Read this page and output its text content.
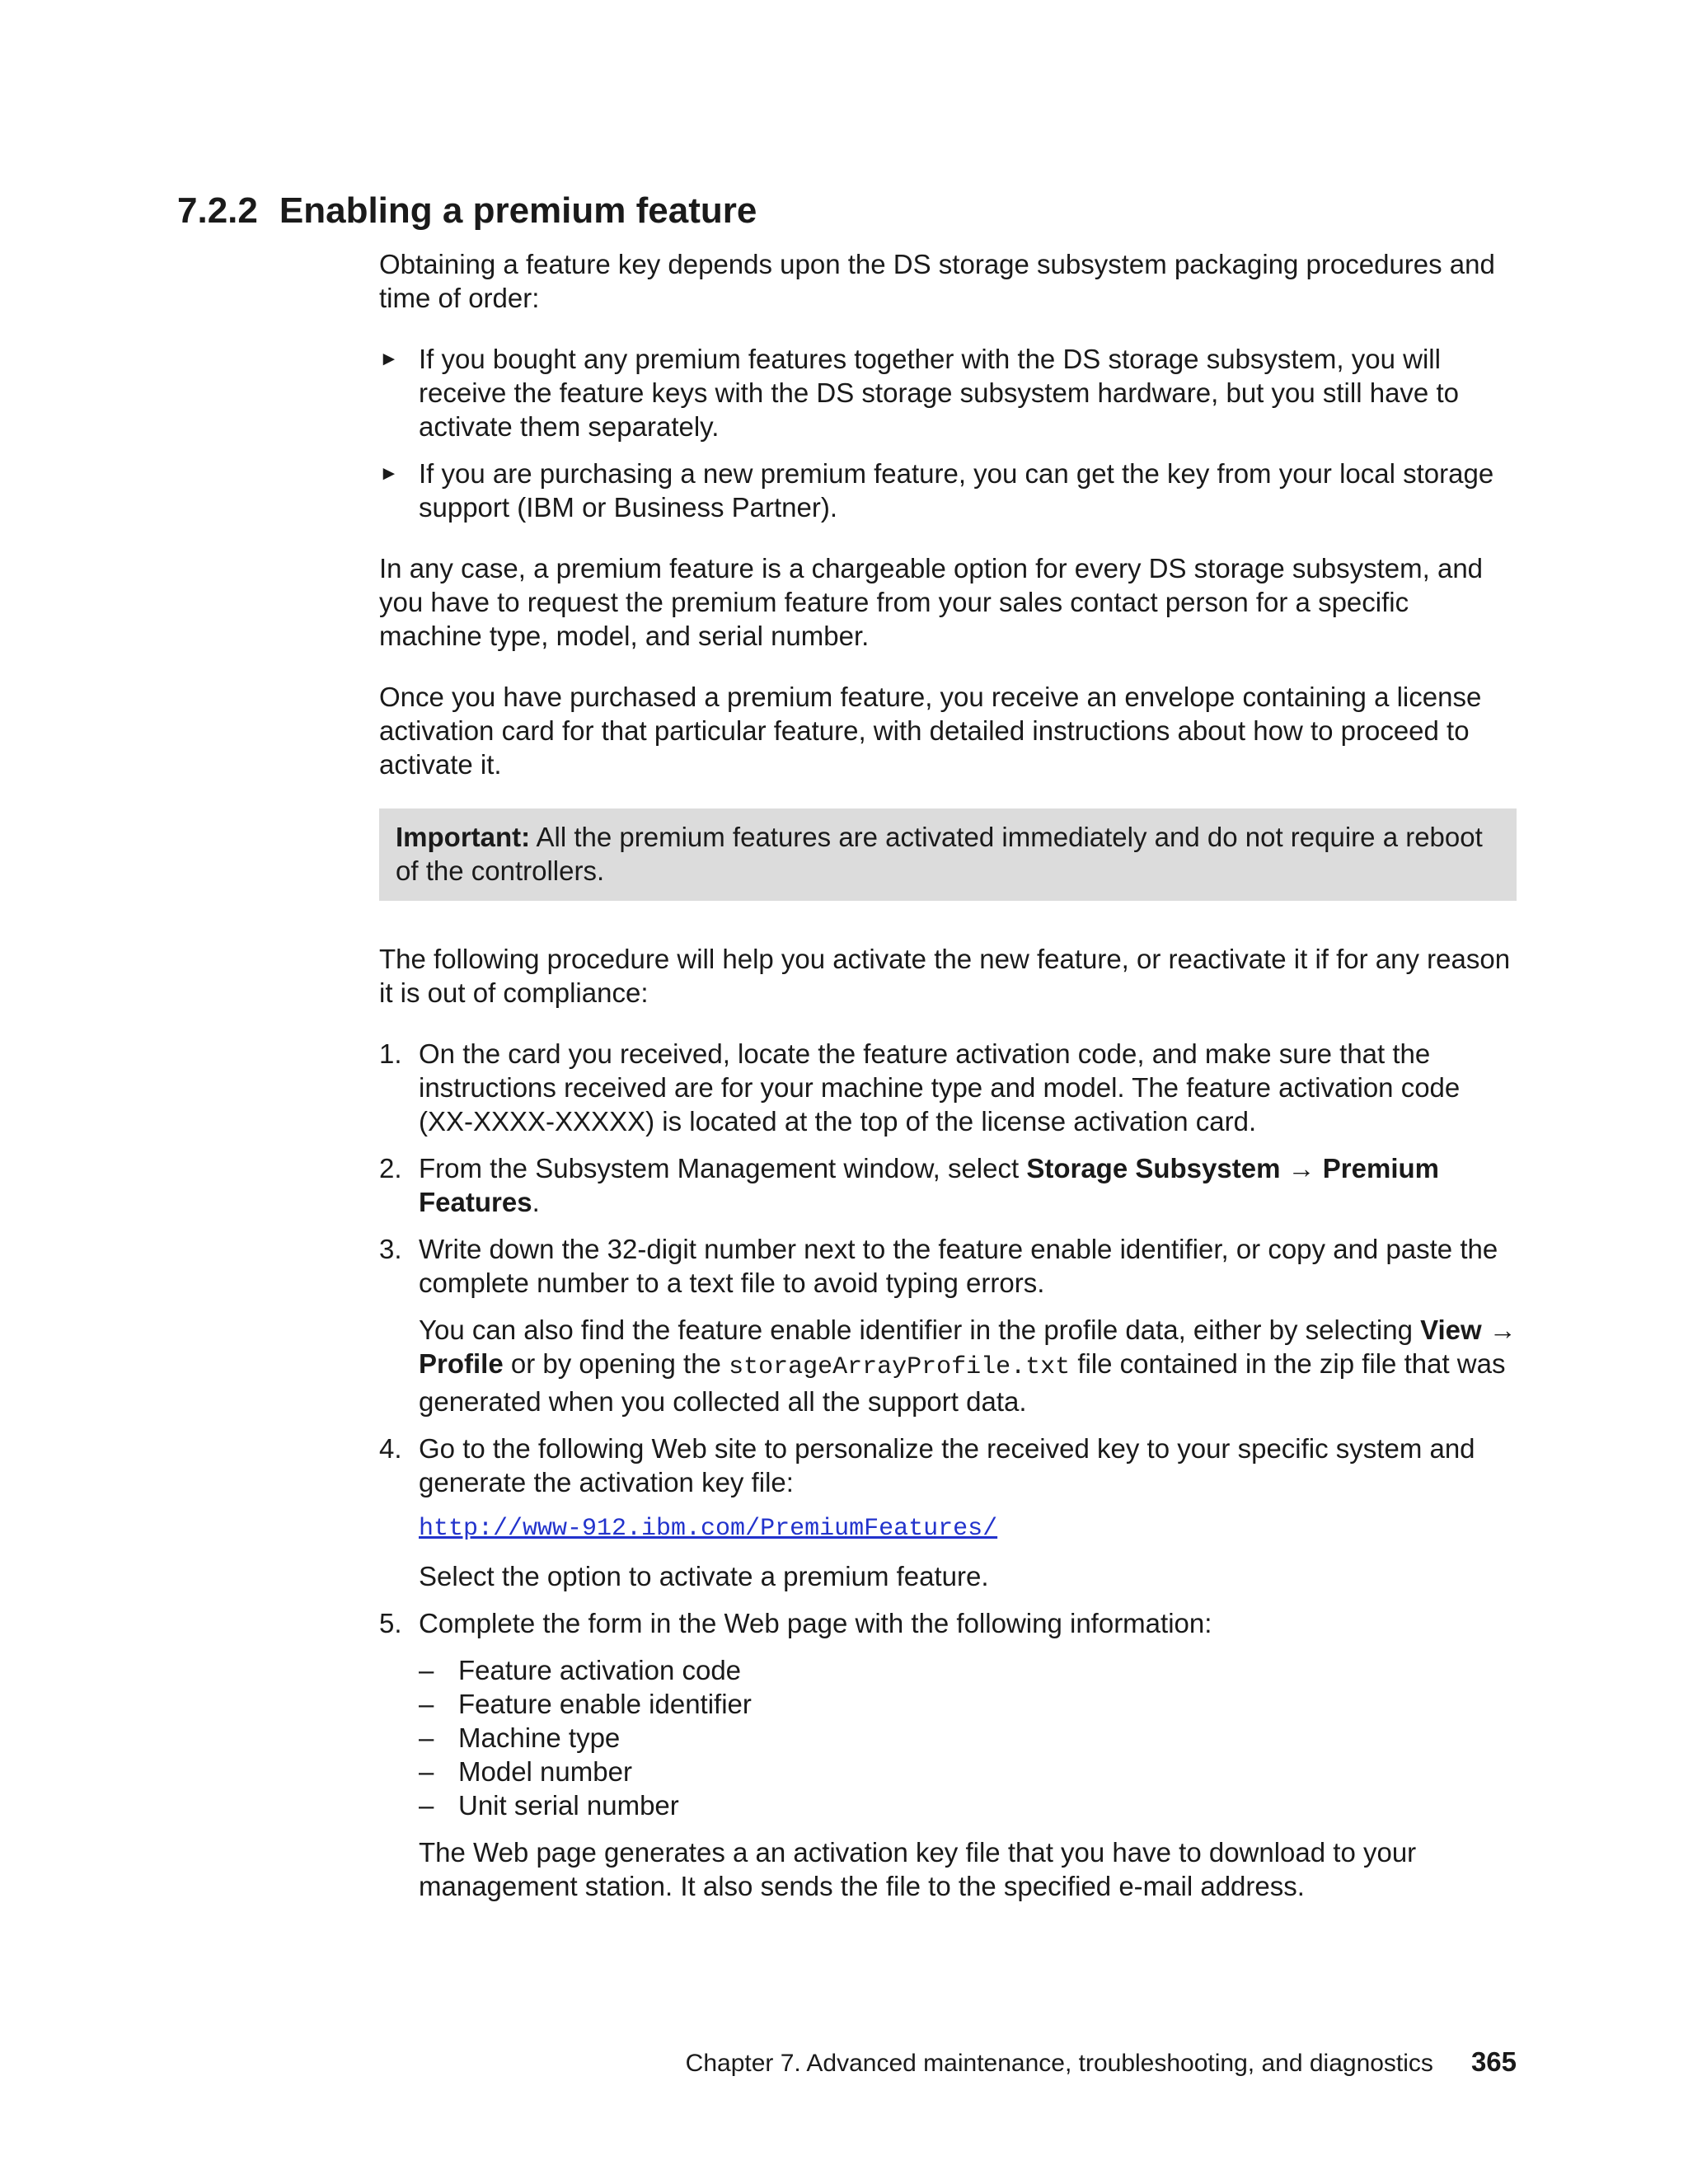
7.2.2 Enabling a premium feature

Obtaining a feature key depends upon the DS storage subsystem packaging procedures and time of order:

► If you bought any premium features together with the DS storage subsystem, you will receive the feature keys with the DS storage subsystem hardware, but you still have to activate them separately.
► If you are purchasing a new premium feature, you can get the key from your local storage support (IBM or Business Partner).

In any case, a premium feature is a chargeable option for every DS storage subsystem, and you have to request the premium feature from your sales contact person for a specific machine type, model, and serial number.

Once you have purchased a premium feature, you receive an envelope containing a license activation card for that particular feature, with detailed instructions about how to proceed to activate it.

Important: All the premium features are activated immediately and do not require a reboot of the controllers.

The following procedure will help you activate the new feature, or reactivate it if for any reason it is out of compliance:

1. On the card you received, locate the feature activation code, and make sure that the instructions received are for your machine type and model. The feature activation code (XX-XXXX-XXXXX) is located at the top of the license activation card.
2. From the Subsystem Management window, select Storage Subsystem → Premium Features.
3. Write down the 32-digit number next to the feature enable identifier, or copy and paste the complete number to a text file to avoid typing errors.

You can also find the feature enable identifier in the profile data, either by selecting View → Profile or by opening the storageArrayProfile.txt file contained in the zip file that was generated when you collected all the support data.

4. Go to the following Web site to personalize the received key to your specific system and generate the activation key file:
http://www-912.ibm.com/PremiumFeatures/

Select the option to activate a premium feature.

5. Complete the form in the Web page with the following information:
– Feature activation code
– Feature enable identifier
– Machine type
– Model number
– Unit serial number

The Web page generates a an activation key file that you have to download to your management station. It also sends the file to the specified e-mail address.

Chapter 7. Advanced maintenance, troubleshooting, and diagnostics 365
